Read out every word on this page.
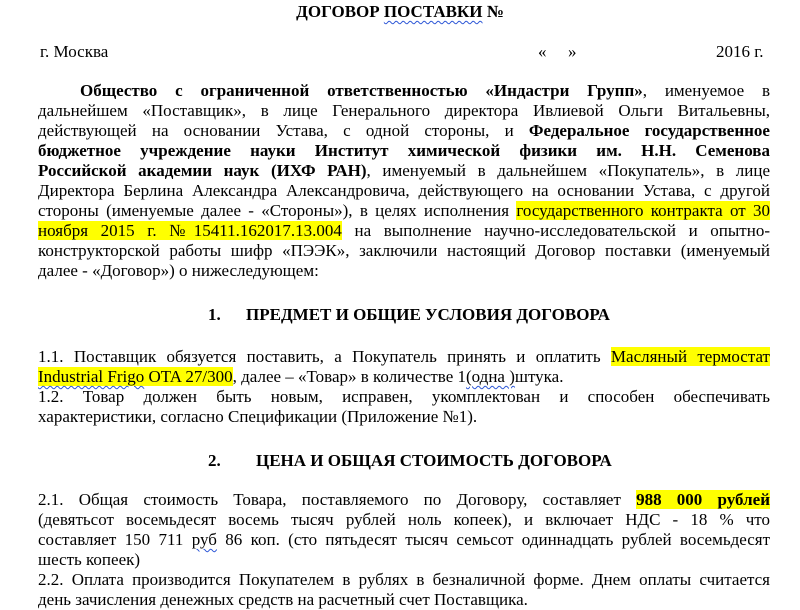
ДОГОВОР ПОСТАВКИ №
г. Москва	« »	2016 г.
Общество с ограниченной ответственностью «Индастри Групп», именуемое в
дальнейшем «Поставщик», в лице Генерального директора Ивлиевой Ольги Витальевны,
действующей на основании Устава, с одной стороны, и Федеральное государственное
бюджетное учреждение науки Институт химической физики им. Н.Н. Семенова
Российской академии наук (ИХФ РАН), именуемый в дальнейшем «Покупатель», в лице
Директора Берлина Александра Александровича, действующего на основании Устава, с другой
стороны (именуемые далее - «Стороны»), в целях исполнения государственного контракта от 30
ноября 2015 г. №15411.162017.13.004 на выполнение научно-исследовательской и опытно-
конструкторской работы шифр «ПЭЭК», заключили настоящий Договор поставки (именуемый
далее - «Договор») о нижеследующем:
1. ПРЕДМЕТ И ОБЩИЕ УСЛОВИЯ ДОГОВОРА
1.1. Поставщик обязуется поставить, а Покупатель принять и оплатить Масляный термостат
Industrial Frigo OTA 27/300, далее – «Товар» в количестве 1(одна )штука.
1.2. Товар должен быть новым, исправен, укомплектован и способен обеспечивать
характеристики, согласно Спецификации (Приложение №1).
2. ЦЕНА И ОБЩАЯ СТОИМОСТЬ ДОГОВОРА
2.1. Общая стоимость Товара, поставляемого по Договору, составляет 988 000 рублей
(девятьсот восемьдесят восемь тысяч рублей ноль копеек), и включает НДС - 18 % что
составляет 150 711 руб 86 коп. (сто пятьдесят тысяч семьсот одиннадцать рублей восемьдесят
шесть копеек)
2.2. Оплата производится Покупателем в рублях в безналичной форме. Днем оплаты считается
день зачисления денежных средств на расчетный счет Поставщика.
